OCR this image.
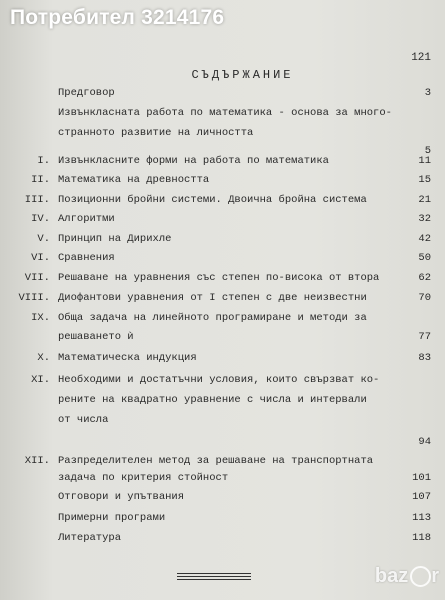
Потребител 3214176
121
СЪДЪРЖАНИЕ
Предговор	3
Извънкласната работа по математика - основа за много-
странното развитие на личността
5
I. Извънкласните форми на работа по математика	11
II. Математика на древността	15
III. Позиционни бройни системи. Двоична бройна система	21
IV. Алгоритми	32
V. Принцип на Дирихле	42
VI. Сравнения	50
VII. Решаване на уравнения със степен по-висока от втора	62
VIII. Диофантови уравнения от I степен с две неизвестни	70
IX. Обща задача на линейното програмиране и методи за
решаването ѝ	77
X. Математическа индукция	83
XI. Необходими и достатъчни условия, които свързват ко-
рените на квадратно уравнение с числа и интервали
от числа
94
XII. Разпределителен метод за решаване на транспортната
задача по критерия стойност	101
Отговори и упътвания	107
Примерни програми	113
Литература	118
baz r
